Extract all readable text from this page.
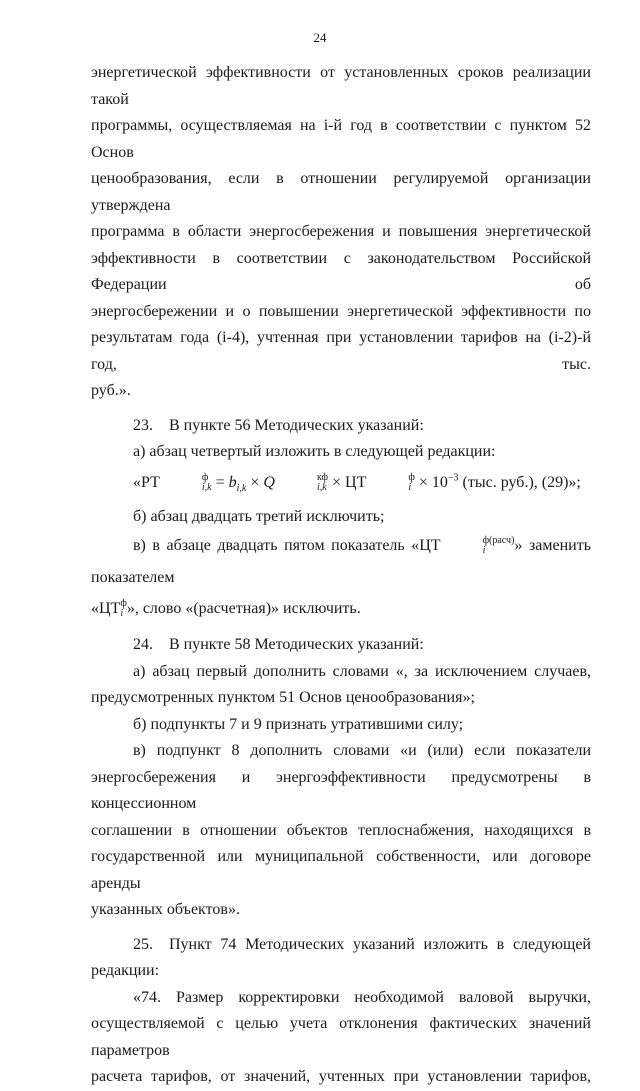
24

энергетической эффективности от установленных сроков реализации такой

программы, осуществляемая на i-й год в соответствии с пунктом 52 Основ

ценообразования, если в отношении регулируемой организации утверждена

программа в области энергосбережения и повышения энергетической

эффективности в соответствии с законодательством Российской Федерации об

энергосбережении и о повышении энергетической эффективности по

результатам года (i-4), учтенная при установлении тарифов на (i-2)-й год, тыс.

руб.».

23. В пункте 56 Методических указаний:

а) абзац четвертый изложить в следующей редакции:

«РТ	ф
$i,k = b_{i,k} \times Q$	кф
i,k × ЦТ	ф
$i \times 10^{-3}$ (тыс. руб.), (29)»;

б) абзац двадцать третий исключить;

в) в абзаце двадцать пятом показатель «ЦТ	ф(расч)
i	» заменить показателем

«ЦТ ф
i », слово «(расчетная)» исключить.

24. В пункте 58 Методических указаний:

а) абзац первый дополнить словами «, за исключением случаев,

предусмотренных пунктом 51 Основ ценообразования»;

б) подпункты 7 и 9 признать утратившими силу;

в) подпункт 8 дополнить словами «и (или) если показатели

энергосбережения и энергоэффективности предусмотрены в концессионном

соглашении в отношении объектов теплоснабжения, находящихся в

государственной или муниципальной собственности, или договоре аренды

указанных объектов».

25. Пункт 74 Методических указаний изложить в следующей

редакции:

«74. Размер корректировки необходимой валовой выручки,

осуществляемой с целью учета отклонения фактических значений параметров

расчета тарифов, от значений, учтенных при установлении тарифов,
